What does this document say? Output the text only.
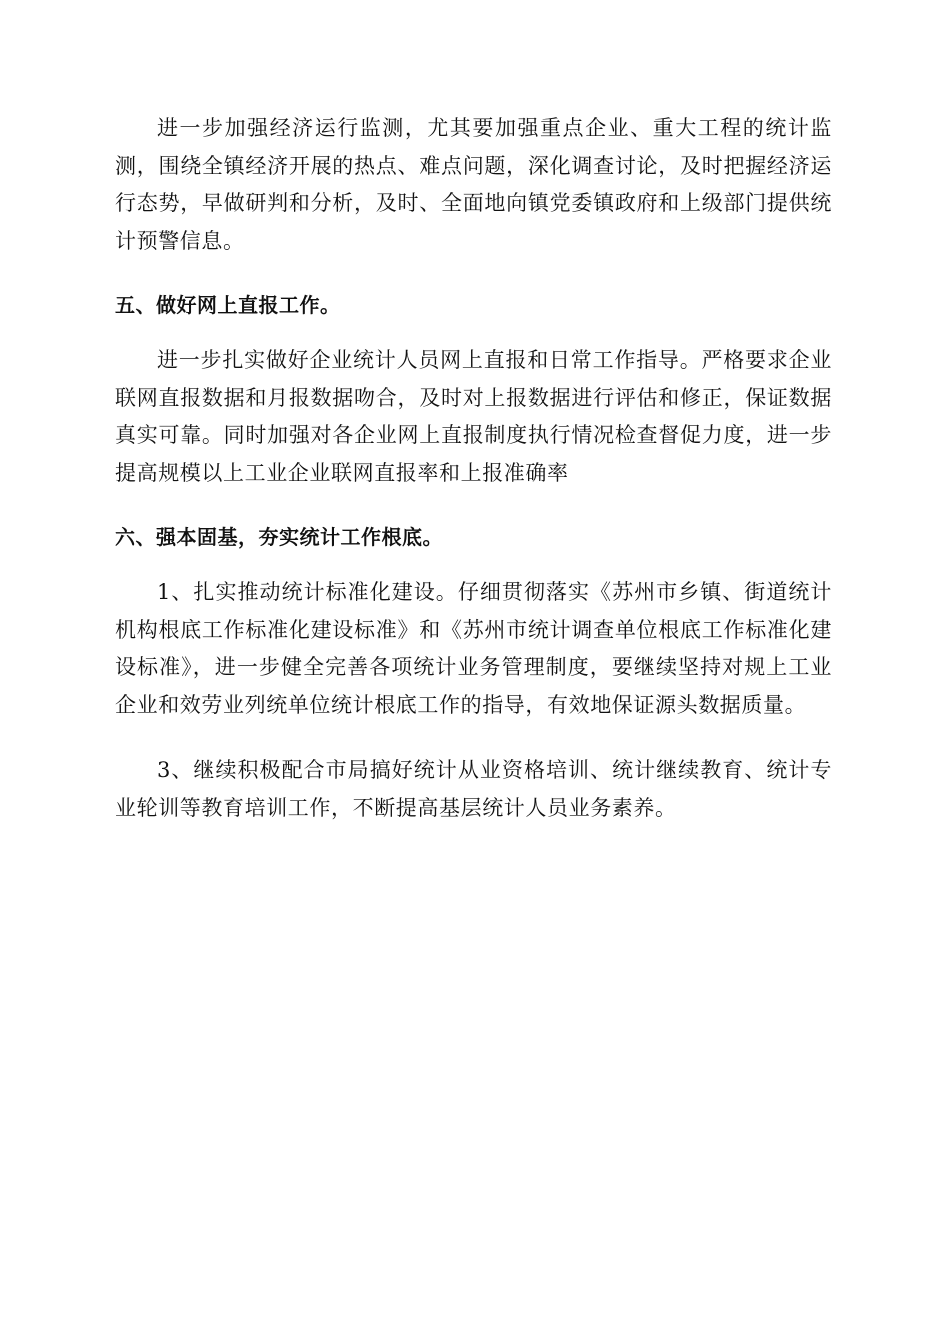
进一步加强经济运行监测，尤其要加强重点企业、重大工程的统计监测，围绕全镇经济开展的热点、难点问题，深化调查讨论，及时把握经济运行态势，早做研判和分析，及时、全面地向镇党委镇政府和上级部门提供统计预警信息。

五、做好网上直报工作。

进一步扎实做好企业统计人员网上直报和日常工作指导。严格要求企业联网直报数据和月报数据吻合，及时对上报数据进行评估和修正，保证数据真实可靠。同时加强对各企业网上直报制度执行情况检查督促力度，进一步提高规模以上工业企业联网直报率和上报准确率

六、强本固基，夯实统计工作根底。

1、扎实推动统计标准化建设。仔细贯彻落实《苏州市乡镇、街道统计机构根底工作标准化建设标准》和《苏州市统计调查单位根底工作标准化建设标准》，进一步健全完善各项统计业务管理制度，要继续坚持对规上工业企业和效劳业列统单位统计根底工作的指导，有效地保证源头数据质量。

3、继续积极配合市局搞好统计从业资格培训、统计继续教育、统计专业轮训等教育培训工作，不断提高基层统计人员业务素养。
